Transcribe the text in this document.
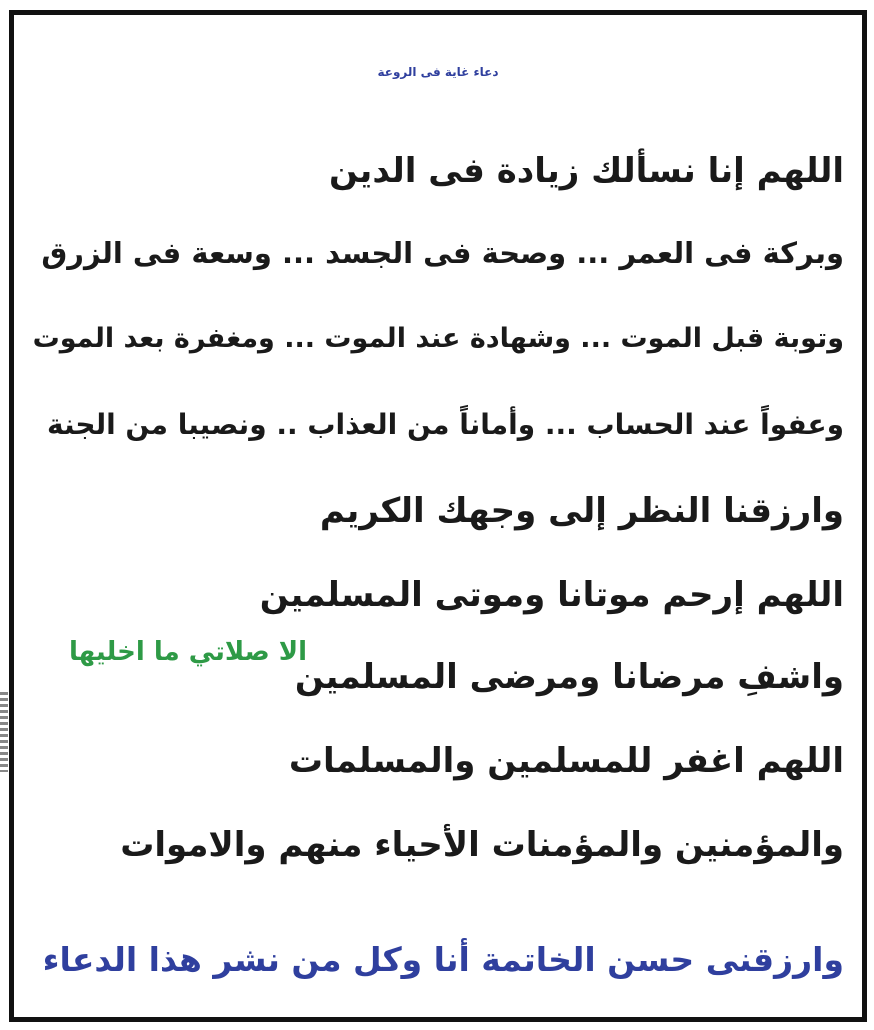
دعاء غاية فى الروعة
اللهم إنا نسألك زيادة فى الدين
وبركة فى العمر ... وصحة فى الجسد ... وسعة فى الزرق
وتوبة قبل الموت ... وشهادة عند الموت ... ومغفرة بعد الموت
وعفواً عند الحساب ... وأماناً من العذاب .. ونصيبا من الجنة
وارزقنا النظر إلى وجهك الكريم
اللهم إرحم موتانا وموتى المسلمين
واشفِ مرضانا ومرضى المسلمين
اللهم اغفر للمسلمين والمسلمات
والمؤمنين والمؤمنات الأحياء منهم والاموات
الا صلاتي ما اخليها
وارزقنى حسن الخاتمة أنا وكل من نشر هذا الدعاء
